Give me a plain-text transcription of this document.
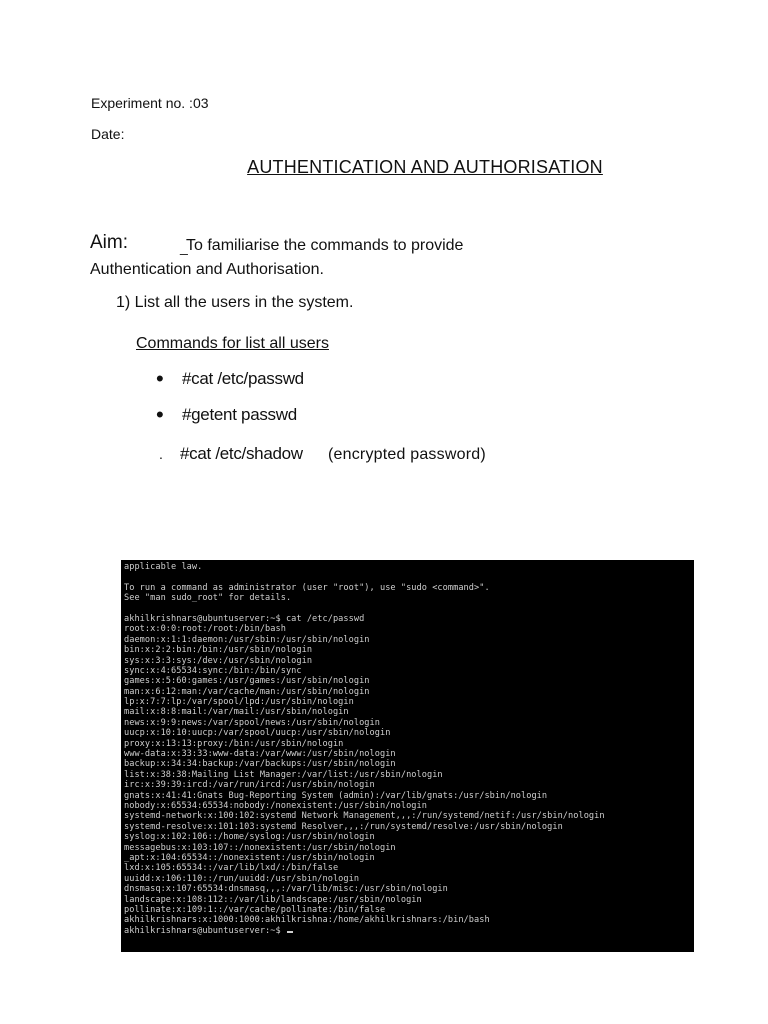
Experiment no. :03
Date:
AUTHENTICATION AND AUTHORISATION
Aim:	_
To familiarise the commands to provide
Authentication and Authorisation.
1) List all the users in the system.
Commands for list all users
• #cat /etc/passwd
• #getent passwd
. #cat /etc/shadow (encrypted password)
applicable law.
To run a command as administrator (user "root"), use "sudo <command>".
See "man sudo_root" for details.
akhilkrishnars@ubuntuserver:~$ cat /etc/passwd
root:x:0:0:root:/root:/bin/bash
daemon:x:1:1:daemon:/usr/sbin:/usr/sbin/nologin
bin:x:2:2:bin:/bin:/usr/sbin/nologin
sys:x:3:3:sys:/dev:/usr/sbin/nologin
sync:x:4:65534:sync:/bin:/bin/sync
games:x:5:60:games:/usr/games:/usr/sbin/nologin
man:x:6:12:man:/var/cache/man:/usr/sbin/nologin
lp:x:7:7:lp:/var/spool/lpd:/usr/sbin/nologin
mail:x:8:8:mail:/var/mail:/usr/sbin/nologin
news:x:9:9:news:/var/spool/news:/usr/sbin/nologin
uucp:x:10:10:uucp:/var/spool/uucp:/usr/sbin/nologin
proxy:x:13:13:proxy:/bin:/usr/sbin/nologin
www-data:x:33:33:www-data:/var/www:/usr/sbin/nologin
backup:x:34:34:backup:/var/backups:/usr/sbin/nologin
list:x:38:38:Mailing List Manager:/var/list:/usr/sbin/nologin
irc:x:39:39:ircd:/var/run/ircd:/usr/sbin/nologin
gnats:x:41:41:Gnats Bug-Reporting System (admin):/var/lib/gnats:/usr/sbin/nologin
nobody:x:65534:65534:nobody:/nonexistent:/usr/sbin/nologin
systemd-network:x:100:102:systemd Network Management,,,:/run/systemd/netif:/usr/sbin/nologin
systemd-resolve:x:101:103:systemd Resolver,,,:/run/systemd/resolve:/usr/sbin/nologin
syslog:x:102:106::/home/syslog:/usr/sbin/nologin
messagebus:x:103:107::/nonexistent:/usr/sbin/nologin
_apt:x:104:65534::/nonexistent:/usr/sbin/nologin
lxd:x:105:65534::/var/lib/lxd/:/bin/false
uuidd:x:106:110::/run/uuidd:/usr/sbin/nologin
dnsmasq:x:107:65534:dnsmasq,,,:/var/lib/misc:/usr/sbin/nologin
landscape:x:108:112::/var/lib/landscape:/usr/sbin/nologin
pollinate:x:109:1::/var/cache/pollinate:/bin/false
akhilkrishnars:x:1000:1000:akhilkrishna:/home/akhilkrishnars:/bin/bash
akhilkrishnars@ubuntuserver:~$
